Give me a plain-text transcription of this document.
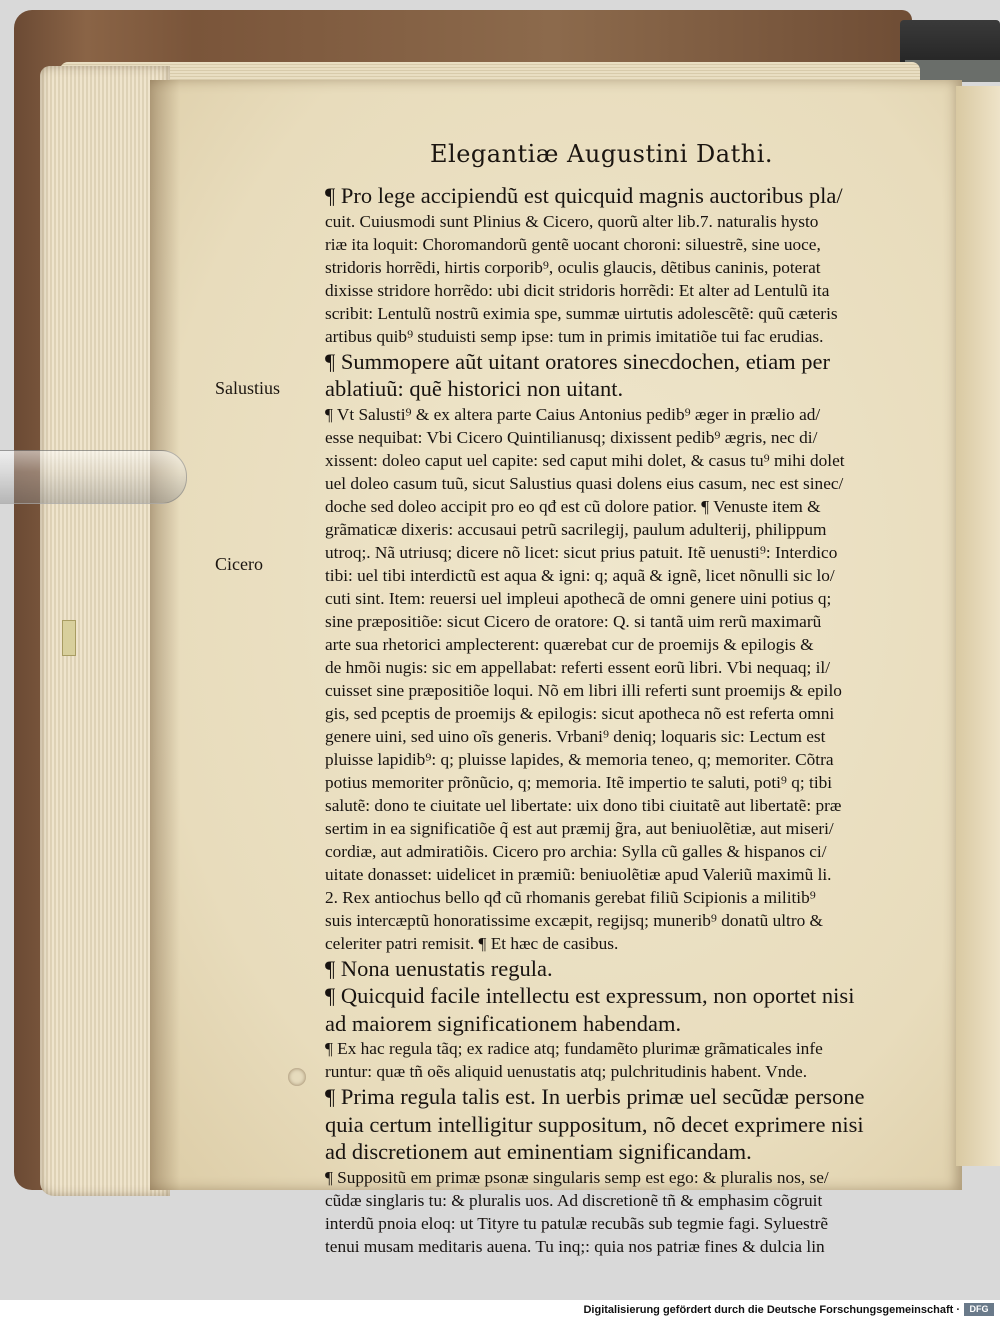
Elegantiæ Augustini Dathi.
Salustius
Cicero
¶ Pro lege accipiendũ est quicquid magnis auctoribus pla/
cuit. Cuiusmodi sunt Plinius & Cicero, quorũ alter lib.7. naturalis hysto
riæ ita loquit: Choromandorũ gentẽ uocant choroni: siluestrẽ, sine uoce,
stridoris horrẽdi, hirtis corporib⁹, oculis glaucis, dẽtibus caninis, poterat
dixisse stridore horrẽdo: ubi dicit stridoris horrẽdi: Et alter ad Lentulũ ita
scribit: Lentulũ nostrũ eximia spe, summæ uirtutis adolescẽtẽ: quũ cæteris
artibus quib⁹ studuisti semp ipse: tum in primis imitatiõe tui fac erudias.
¶ Summopere aũt uitant oratores sinecdochen, etiam per
ablatiuũ: quẽ historici non uitant.
¶ Vt Salusti⁹ & ex altera parte Caius Antonius pedib⁹ æger in prælio ad/
esse nequibat: Vbi Cicero Quintilianusq; dixissent pedib⁹ ægris, nec di/
xissent: doleo caput uel capite: sed caput mihi dolet, & casus tu⁹ mihi dolet
uel doleo casum tuũ, sicut Salustius quasi dolens eius casum, nec est sinec/
doche sed doleo accipit pro eo qđ est cũ dolore patior. ¶ Venuste item &
grãmaticæ dixeris: accusaui petrũ sacrilegij, paulum adulterij, philippum
utroq;. Nã utriusq; dicere nõ licet: sicut prius patuit. Itẽ uenusti⁹: Interdico
tibi: uel tibi interdictũ est aqua & igni: q; aquã & ignẽ, licet nõnulli sic lo/
cuti sint. Item: reuersi uel impleui apothecã de omni genere uini potius q;
sine præpositiõe: sicut Cicero de oratore: Q. si tantã uim rerũ maximarũ
arte sua rhetorici amplecterent: quærebat cur de proemijs & epilogis &
de hmõi nugis: sic em appellabat: referti essent eorũ libri. Vbi nequaq; il/
cuisset sine præpositiõe loqui. Nõ em libri illi referti sunt proemijs & epilo
gis, sed pceptis de proemijs & epilogis: sicut apotheca nõ est referta omni
genere uini, sed uino oĩs generis. Vrbani⁹ deniq; loquaris sic: Lectum est
pluisse lapidib⁹: q; pluisse lapides, & memoria teneo, q; memoriter. Cõtra
potius memoriter prõnũcio, q; memoria. Itẽ impertio te saluti, poti⁹ q; tibi
salutẽ: dono te ciuitate uel libertate: uix dono tibi ciuitatẽ aut libertatẽ: præ
sertim in ea significatiõe q̃ est aut præmij g̃ra, aut beniuolẽtiæ, aut miseri/
cordiæ, aut admiratiõis. Cicero pro archia: Sylla cũ galles & hispanos ci/
uitate donasset: uidelicet in præmiũ: beniuolẽtiæ apud Valeriũ maximũ li.
2. Rex antiochus bello qđ cũ rhomanis gerebat filiũ Scipionis a militib⁹
suis intercæptũ honoratissime excæpit, regijsq; munerib⁹ donatũ ultro &
celeriter patri remisit. ¶ Et hæc de casibus.
¶ Nona uenustatis regula.
¶ Quicquid facile intellectu est expressum, non oportet nisi
ad maiorem significationem habendam.
¶ Ex hac regula tãq; ex radice atq; fundamẽto plurimæ grãmaticales infe
runtur: quæ tñ oẽs aliquid uenustatis atq; pulchritudinis habent. Vnde.
¶ Prima regula talis est. In uerbis primæ uel secũdæ persone
quia certum intelligitur suppositum, nõ decet exprimere nisi
ad discretionem aut eminentiam significandam.
¶ Suppositũ em primæ psonæ singularis semp est ego: & pluralis nos, se/
cũdæ singlaris tu: & pluralis uos. Ad discretionẽ tñ & emphasim cõgruit
interdũ pnoia eloq: ut Tityre tu patulæ recubãs sub tegmie fagi. Syluestrẽ
tenui musam meditaris auena. Tu inq;: quia nos patriæ fines & dulcia lin
Digitalisierung gefördert durch die Deutsche Forschungsgemeinschaft ·	DFG
